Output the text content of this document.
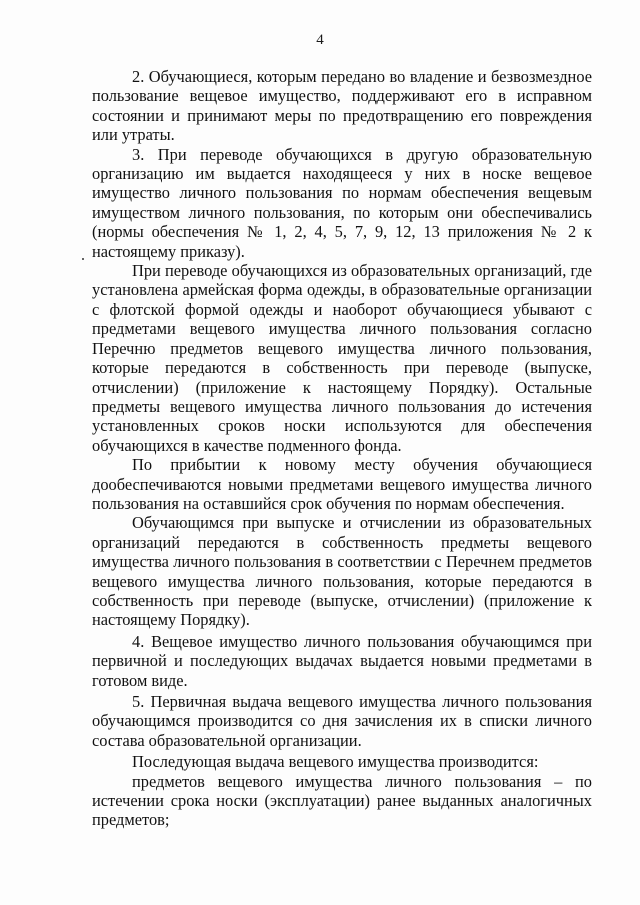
4

2. Обучающиеся, которым передано во владение и безвозмездное пользование вещевое имущество, поддерживают его в исправном состоянии и принимают меры по предотвращению его повреждения или утраты.

3. При переводе обучающихся в другую образовательную организацию им выдается находящееся у них в носке вещевое имущество личного пользования по нормам обеспечения вещевым имуществом личного пользования, по которым они обеспечивались (нормы обеспечения № 1, 2, 4, 5, 7, 9, 12, 13 приложения № 2 к настоящему приказу).

При переводе обучающихся из образовательных организаций, где установлена армейская форма одежды, в образовательные организации с флотской формой одежды и наоборот обучающиеся убывают с предметами вещевого имущества личного пользования согласно Перечню предметов вещевого имущества личного пользования, которые передаются в собственность при переводе (выпуске, отчислении) (приложение к настоящему Порядку). Остальные предметы вещевого имущества личного пользования до истечения установленных сроков носки используются для обеспечения обучающихся в качестве подменного фонда.

По прибытии к новому месту обучения обучающиеся дообеспечиваются новыми предметами вещевого имущества личного пользования на оставшийся срок обучения по нормам обеспечения.

Обучающимся при выпуске и отчислении из образовательных организаций передаются в собственность предметы вещевого имущества личного пользования в соответствии с Перечнем предметов вещевого имущества личного пользования, которые передаются в собственность при переводе (выпуске, отчислении) (приложение к настоящему Порядку).

4. Вещевое имущество личного пользования обучающимся при первичной и последующих выдачах выдается новыми предметами в готовом виде.

5. Первичная выдача вещевого имущества личного пользования обучающимся производится со дня зачисления их в списки личного состава образовательной организации.

Последующая выдача вещевого имущества производится:

предметов вещевого имущества личного пользования – по истечении срока носки (эксплуатации) ранее выданных аналогичных предметов;
